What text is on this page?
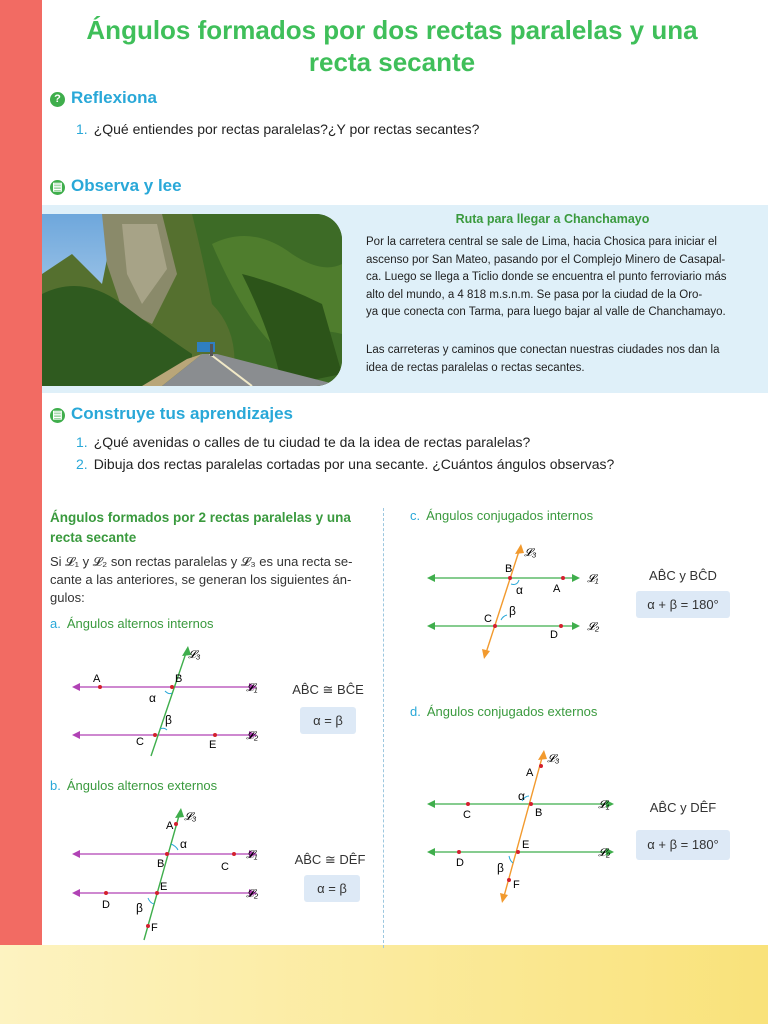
Ángulos formados por dos rectas paralelas y una
recta secante
? Reflexiona
1. ¿Qué entiendes por rectas paralelas?¿Y por rectas secantes?
▤ Observa y lee
Ruta para llegar a Chanchamayo
Por la carretera central se sale de Lima, hacia Chosica para iniciar el
ascenso por San Mateo, pasando por el Complejo Minero de Casapal-
ca. Luego se llega a Ticlio donde se encuentra el punto ferroviario más
alto del mundo, a 4 818 m.s.n.m. Se pasa por la ciudad de la Oro-
ya que conecta con Tarma, para luego bajar al valle de Chanchamayo.
Las carreteras y caminos que conectan nuestras ciudades nos dan la
idea de rectas paralelas o rectas secantes.
▤ Construye tus aprendizajes
1. ¿Qué avenidas o calles de tu ciudad te da la idea de rectas paralelas?
2. Dibuja dos rectas paralelas cortadas por una secante. ¿Cuántos ángulos observas?
Ángulos formados por 2 rectas paralelas y una
recta secante
Si 𝓛₁ y 𝓛₂ son rectas paralelas y 𝓛₃ es una recta se-
cante a las anteriores, se generan los siguientes án-
gulos:
a. Ángulos alternos internos
A	B
C	E
α
β
𝓛₁
𝓛₂
𝓛₃
AB̂C ≅ BĈE
α = β
b. Ángulos alternos externos
A
B	C
E
D
F
α
β
𝓛₁
𝓛₂
𝓛₃
AB̂C ≅ DÊF
α = β
c. Ángulos conjugados internos
B
A
C
D
α
β
𝓛₁
𝓛₂
𝓛₃
AB̂C y BĈD
α + β = 180°
d. Ángulos conjugados externos
A
B
C
E
D
F
α
β
𝓛₁
𝓛₂
𝓛₃
AB̂C y DÊF
α + β = 180°
